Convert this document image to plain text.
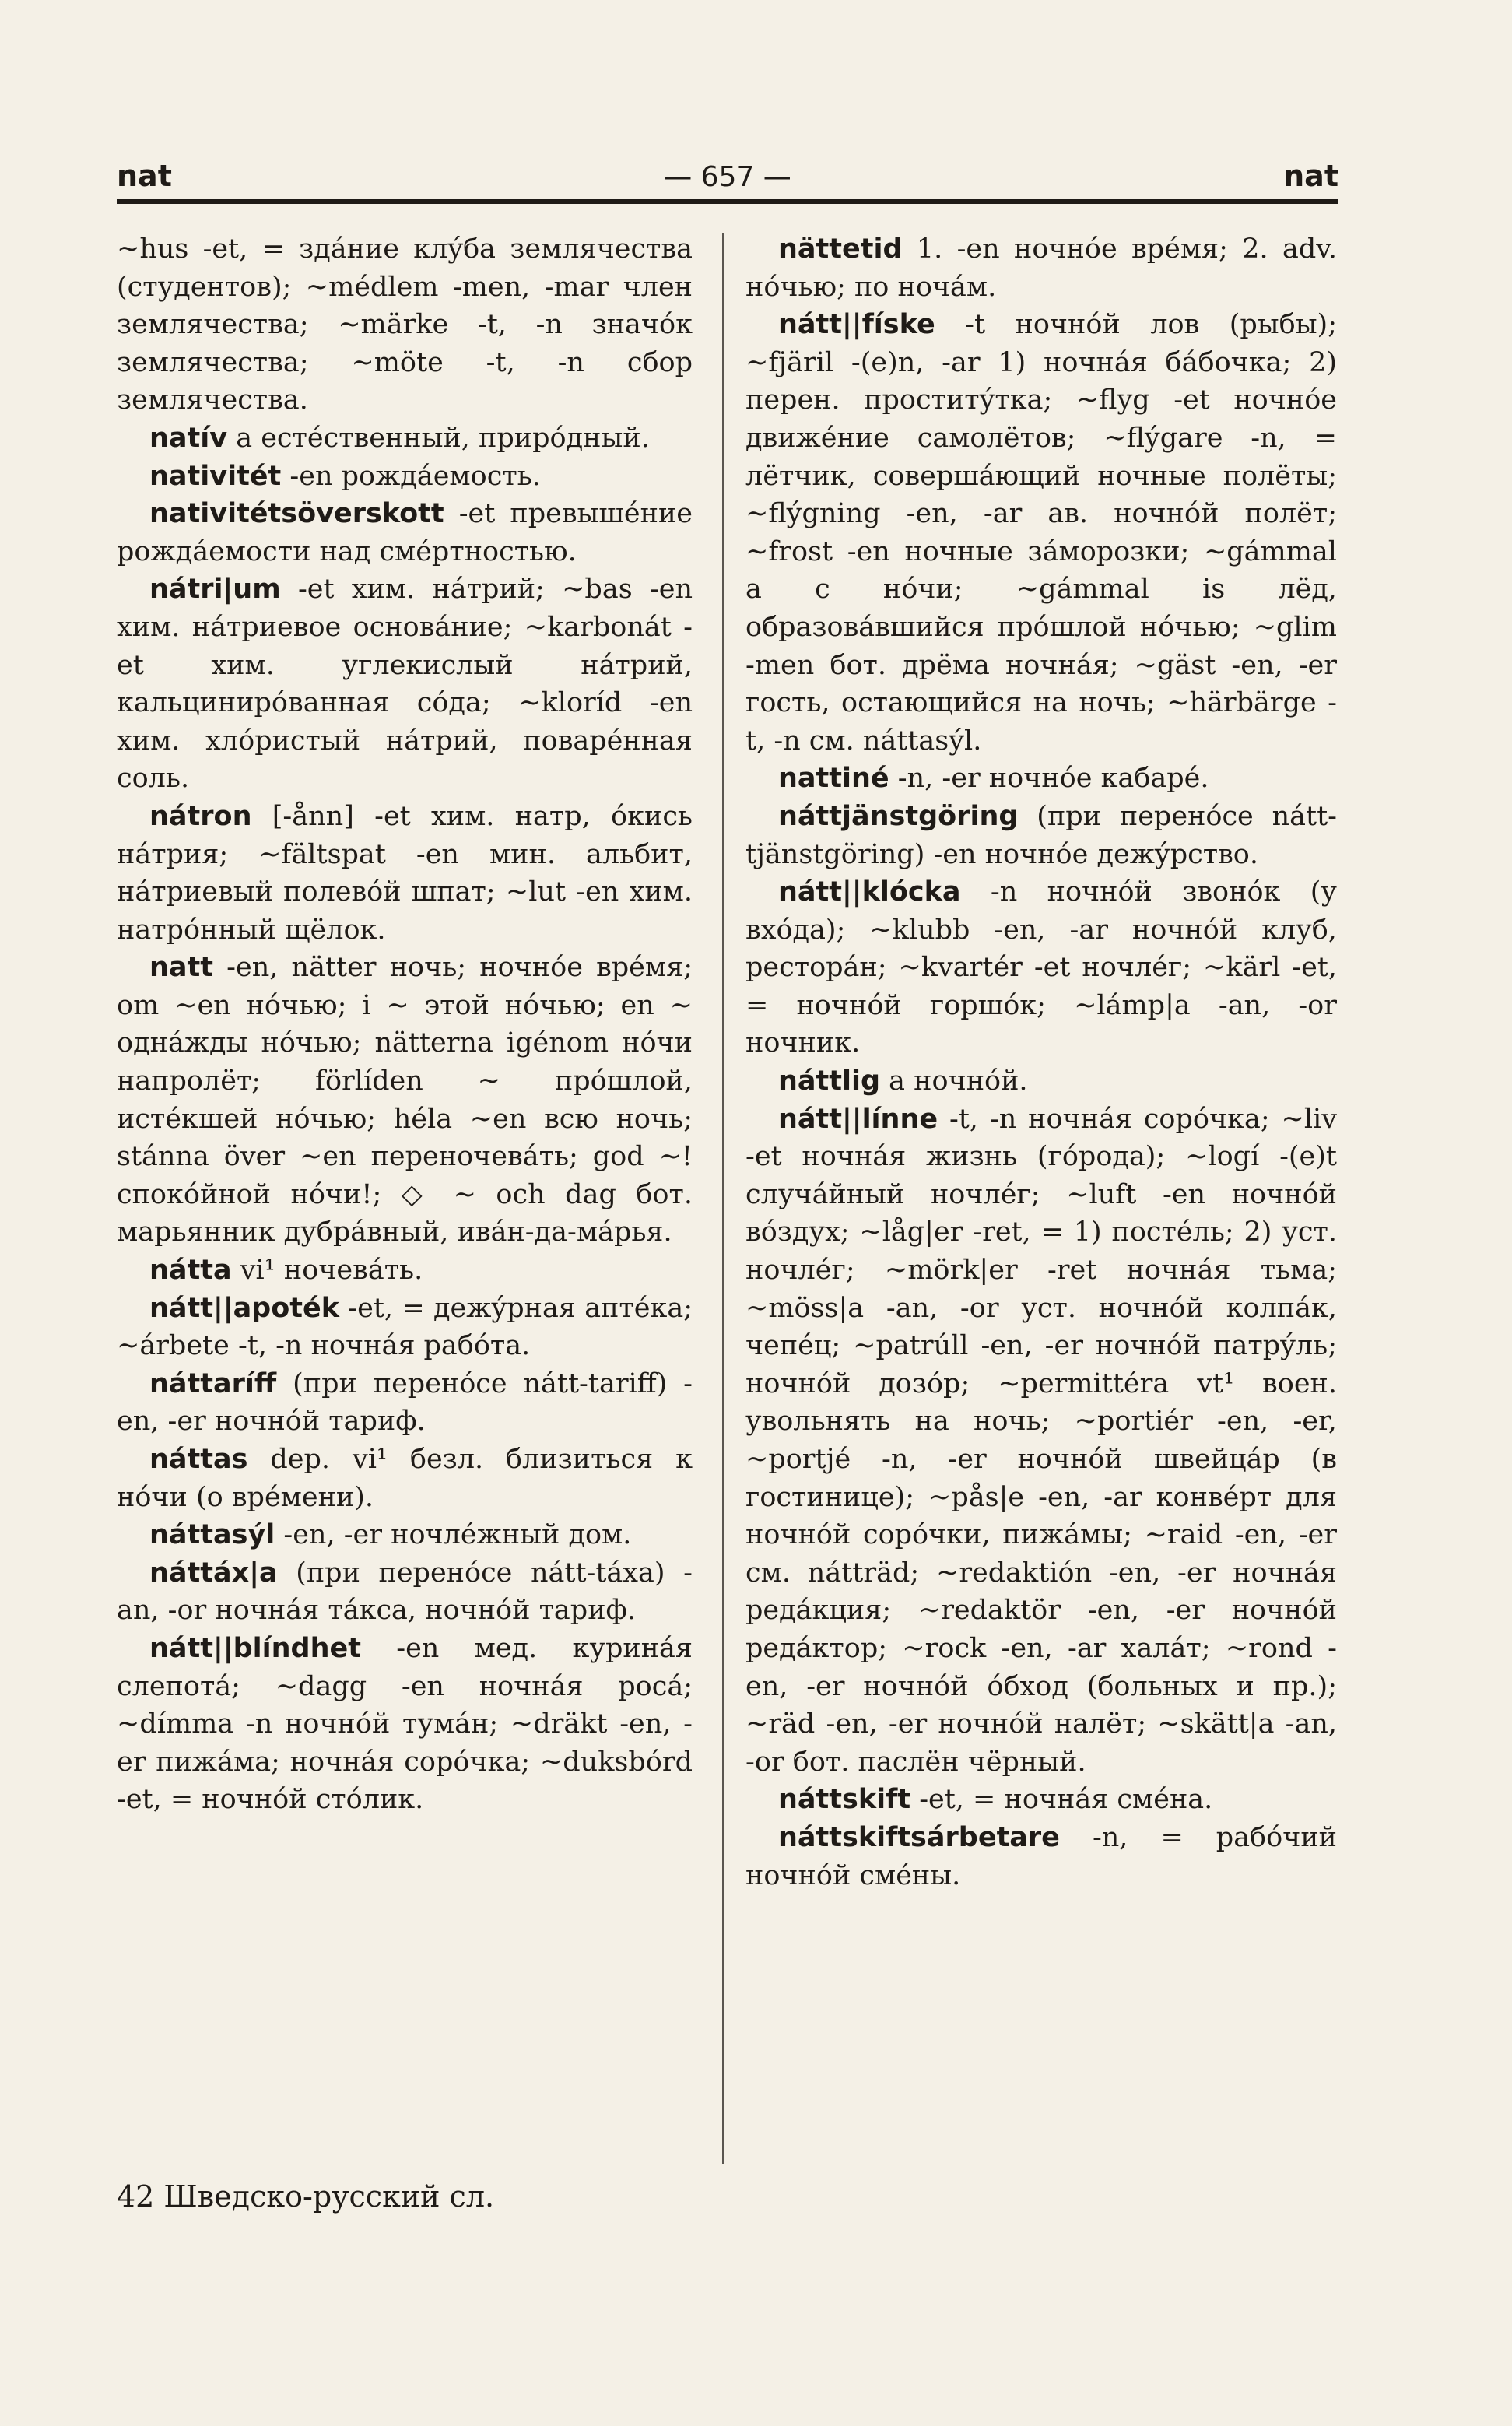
nat	— 657 —	nat

~hus -et, = здáние клýба землячества (студентов); ~médlem -men, -mar член землячества; ~märke -t, -n значóк землячества; ~möte -t, -n сбор землячества.

natív a естéственный, прирóдный.

nativitét -en рождáемость.

nativitétsöverskott -et превышéние рождáемости над смéртностью.

nátri|um -et хим. нáтрий; ~bas -en хим. нáтриевое основáние; ~karbonát -et хим. углекислый нáтрий, кальцинирóванная сóда; ~kloríd -en хим. хлóристый нáтрий, поварéнная соль.

nátron [-ånn] -et хим. натр, óкись нáтрия; ~fältspat -en мин. альбит, нáтриевый полевóй шпат; ~lut -en хим. натрóнный щёлок.

natt -en, nätter ночь; ночнóе врéмя; om ~en нóчью; i ~ этой нóчью; en ~ однáжды нóчью; nätterna igénom нóчи напролёт; förlíden ~ прóшлой, истéкшей нóчью; héla ~en всю ночь; stánna över ~en переночевáть; god ~! спокóйной нóчи!; ◇ ~ och dag бот. марьянник дубрáвный, ивáн-да-мáрья.

nátta vi¹ ночевáть.

nátt||apoték -et, = дежýрная аптéка; ~árbete -t, -n ночнáя рабóта.

náttaríff (при перенóсе nátt-tariff) -en, -er ночнóй тариф.

náttas dep. vi¹ безл. близиться к нóчи (о врéмени).

náttasýl -en, -er ночлéжный дом.

náttáx|a (при перенóсе nátt-táxa) -an, -or ночнáя тáкса, ночнóй тариф.

nátt||blíndhet -en мед. куринáя слепотá; ~dagg -en ночнáя росá; ~dímma -n ночнóй тумáн; ~dräkt -en, -er пижáма; ночнáя сорóчка; ~duksbórd -et, = ночнóй стóлик.

nättetid 1. -en ночнóе врéмя; 2. adv. нóчью; по ночáм.

nátt||físke -t ночнóй лов (рыбы); ~fjäril -(e)n, -ar 1) ночнáя бáбочка; 2) перен. проститýтка; ~flyg -et ночнóе движéние самолётов; ~flýgare -n, = лётчик, совершáющий ночные полёты; ~flýgning -en, -ar ав. ночнóй полёт; ~frost -en ночные зáморозки; ~gámmal a с нóчи; ~gámmal is лёд, образовáвшийся прóшлой нóчью; ~glim -men бот. дрёма ночнáя; ~gäst -en, -er гость, остающийся на ночь; ~härbärge -t, -n см. náttasýl.

nattiné -n, -er ночнóе кабарé.

náttjänstgöring (при перенóсе nátt-tjänstgöring) -en ночнóе дежýрство.

nátt||klócka -n ночнóй звонóк (у вхóда); ~klubb -en, -ar ночнóй клуб, ресторáн; ~kvartér -et ночлéг; ~kärl -et, = ночнóй горшóк; ~lámp|a -an, -or ночник.

náttlig a ночнóй.

nátt||línne -t, -n ночнáя сорóчка; ~liv -et ночнáя жизнь (гóрода); ~logí -(e)t случáйный ночлéг; ~luft -en ночнóй вóздух; ~låg|er -ret, = 1) постéль; 2) уст. ночлéг; ~mörk|er -ret ночнáя тьма; ~möss|a -an, -or уст. ночнóй колпáк, чепéц; ~patrúll -en, -er ночнóй патрýль; ночнóй дозóр; ~permittéra vt¹ воен. увольнять на ночь; ~portiér -en, -er, ~portjé -n, -er ночнóй швейцáр (в гостинице); ~pås|e -en, -ar конвéрт для ночнóй сорóчки, пижáмы; ~raid -en, -er см. nátträd; ~redaktión -en, -er ночнáя редáкция; ~redaktör -en, -er ночнóй редáктор; ~rock -en, -ar халáт; ~rond -en, -er ночнóй óбход (больных и пр.); ~räd -en, -er ночнóй налёт; ~skätt|a -an, -or бот. паслён чёрный.

náttskift -et, = ночнáя смéна.

náttskiftsárbetare -n, = рабóчий ночнóй смéны.

42 Шведско-русский сл.
